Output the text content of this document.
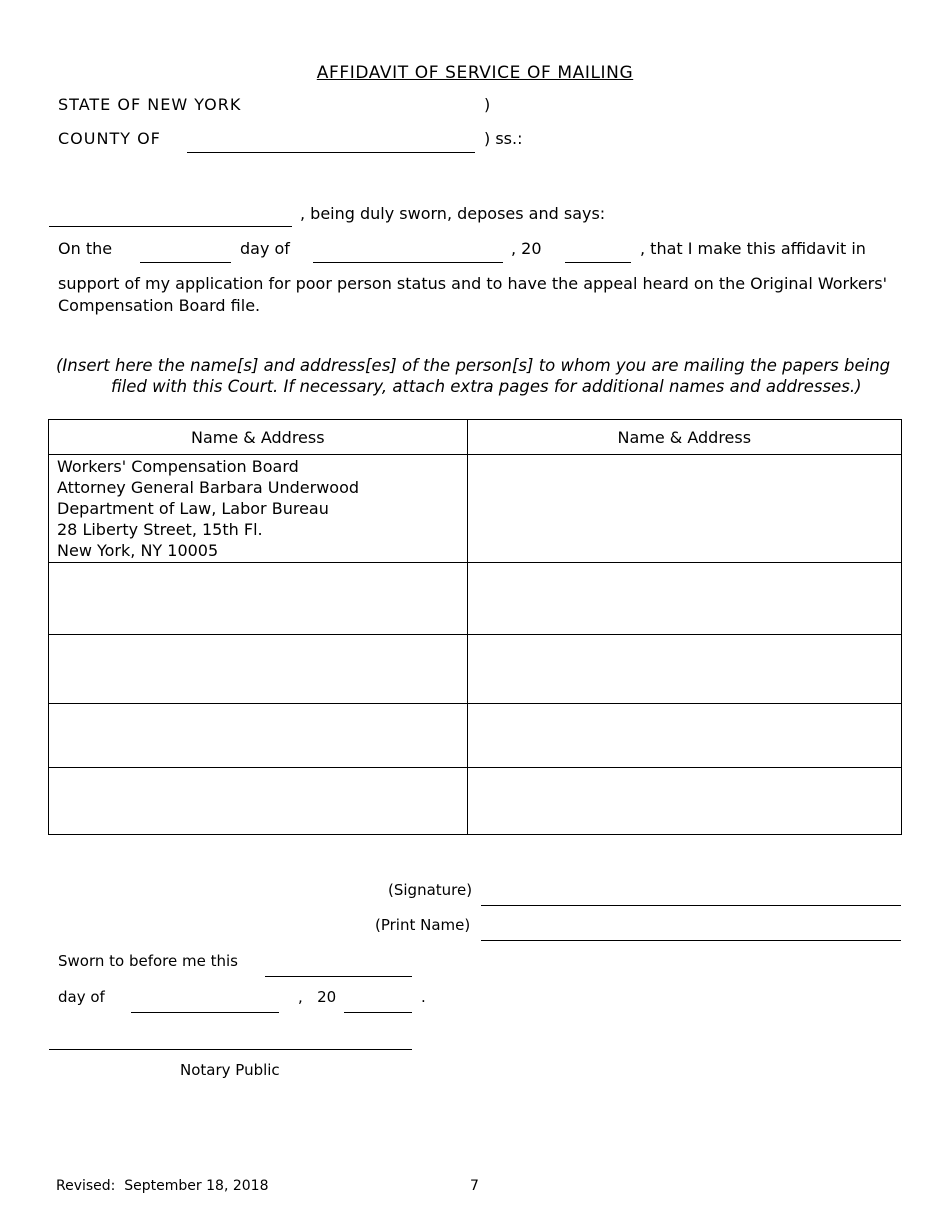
AFFIDAVIT OF SERVICE OF MAILING
STATE OF NEW YORK	)
COUNTY OF	) ss.:
, being duly sworn, deposes and says:
On the	day of	, 20	, that I make this affidavit in
support of my application for poor person status and to have the appeal heard on the Original Workers' Compensation Board file.
(Insert here the name[s] and address[es] of the person[s] to whom you are mailing the papers being
filed with this Court. If necessary, attach extra pages for additional names and addresses.)
Name & Address	Name & Address

Workers' Compensation Board
Attorney General Barbara Underwood
Department of Law, Labor Bureau
28 Liberty Street, 15th Fl.
New York, NY 10005	

(Signature)
(Print Name)
Sworn to before me this
day of	,   20	.
Notary Public
Revised:  September 18, 2018	7
